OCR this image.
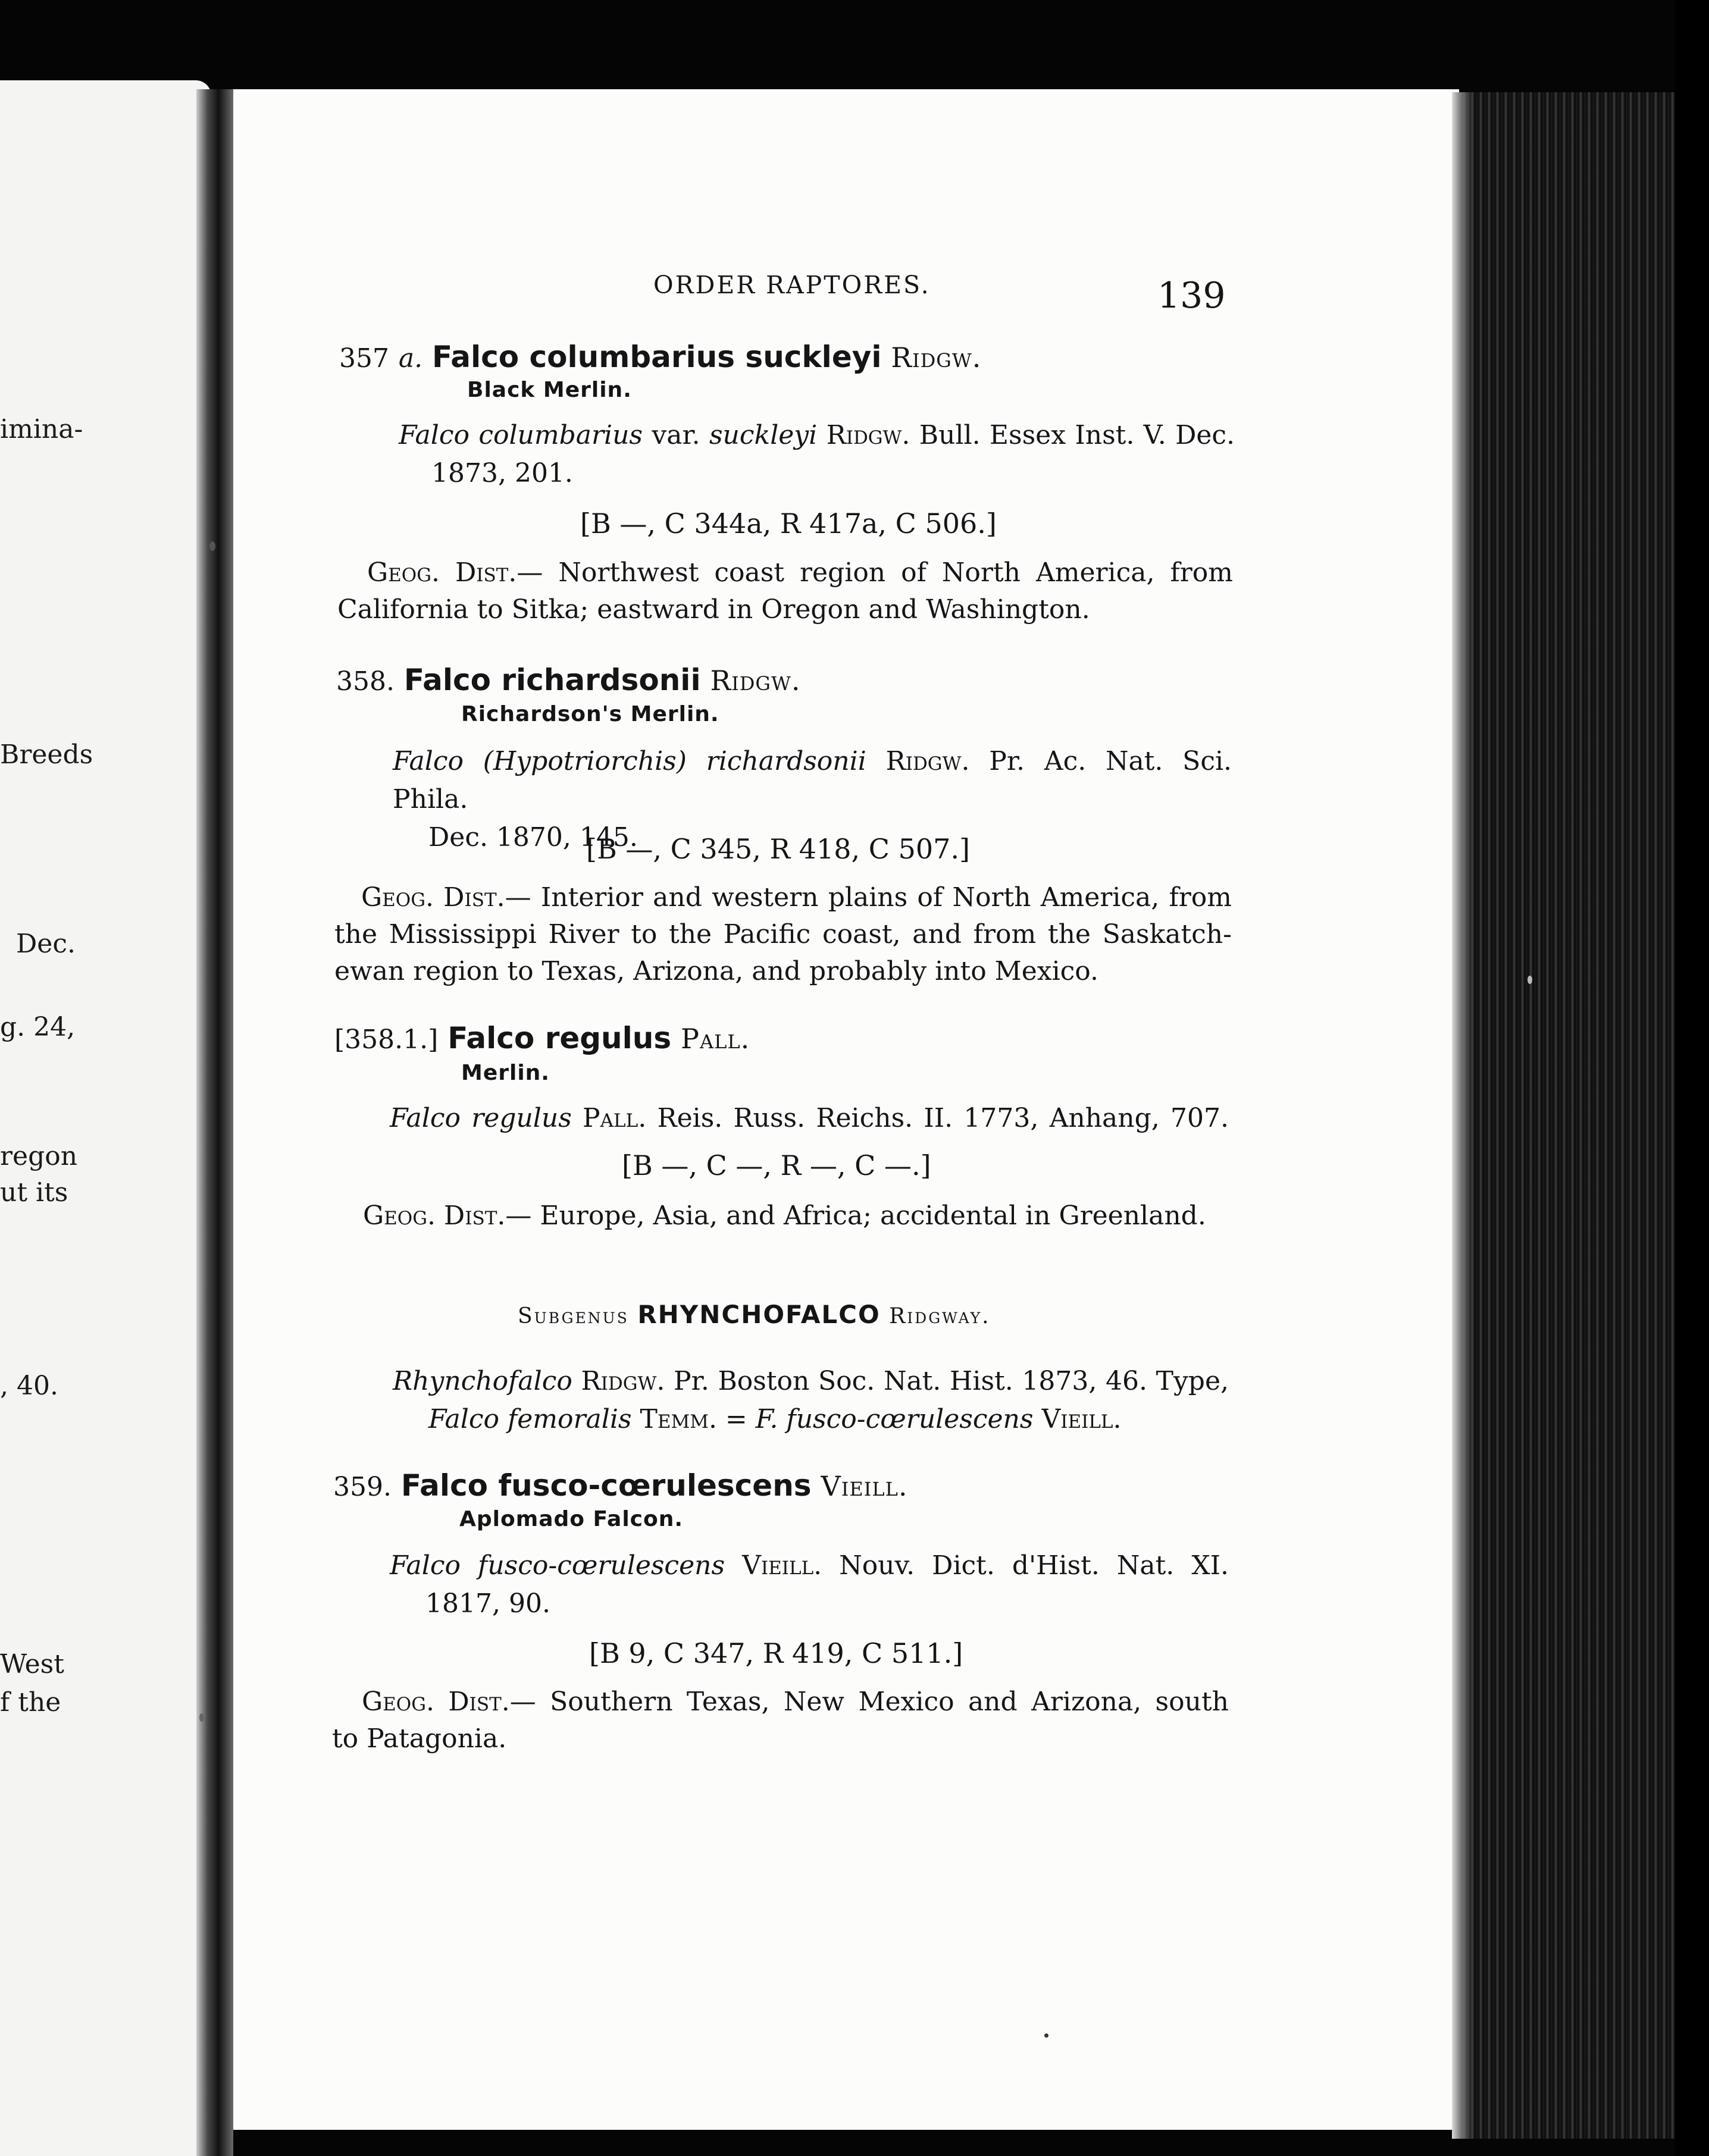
imina-
Breeds
Dec.
g. 24,
regon
ut its
, 40.
West
f the
ORDER RAPTORES.	139
357 a. Falco columbarius suckleyi Ridgw.
Black Merlin.
Falco columbarius var. suckleyi Ridgw. Bull. Essex Inst. V. Dec.
1873, 201.
[B —, C 344a, R 417a, C 506.]
Geog. Dist.— Northwest coast region of North America, from
California to Sitka; eastward in Oregon and Washington.
358. Falco richardsonii Ridgw.
Richardson's Merlin.
Falco (Hypotriorchis) richardsonii Ridgw. Pr. Ac. Nat. Sci. Phila.
Dec. 1870, 145.
[B —, C 345, R 418, C 507.]
Geog. Dist.— Interior and western plains of North America, from
the Mississippi River to the Pacific coast, and from the Saskatch-
ewan region to Texas, Arizona, and probably into Mexico.
[358.1.] Falco regulus Pall.
Merlin.
Falco regulus Pall. Reis. Russ. Reichs. II. 1773, Anhang, 707.
[B —, C —, R —, C —.]
Geog. Dist.— Europe, Asia, and Africa; accidental in Greenland.
Subgenus RHYNCHOFALCO Ridgway.
Rhynchofalco Ridgw. Pr. Boston Soc. Nat. Hist. 1873, 46. Type,
Falco femoralis Temm. = F. fusco-cœrulescens Vieill.
359. Falco fusco-cœrulescens Vieill.
Aplomado Falcon.
Falco fusco-cœrulescens Vieill. Nouv. Dict. d'Hist. Nat. XI.
1817, 90.
[B 9, C 347, R 419, C 511.]
Geog. Dist.— Southern Texas, New Mexico and Arizona, south
to Patagonia.
